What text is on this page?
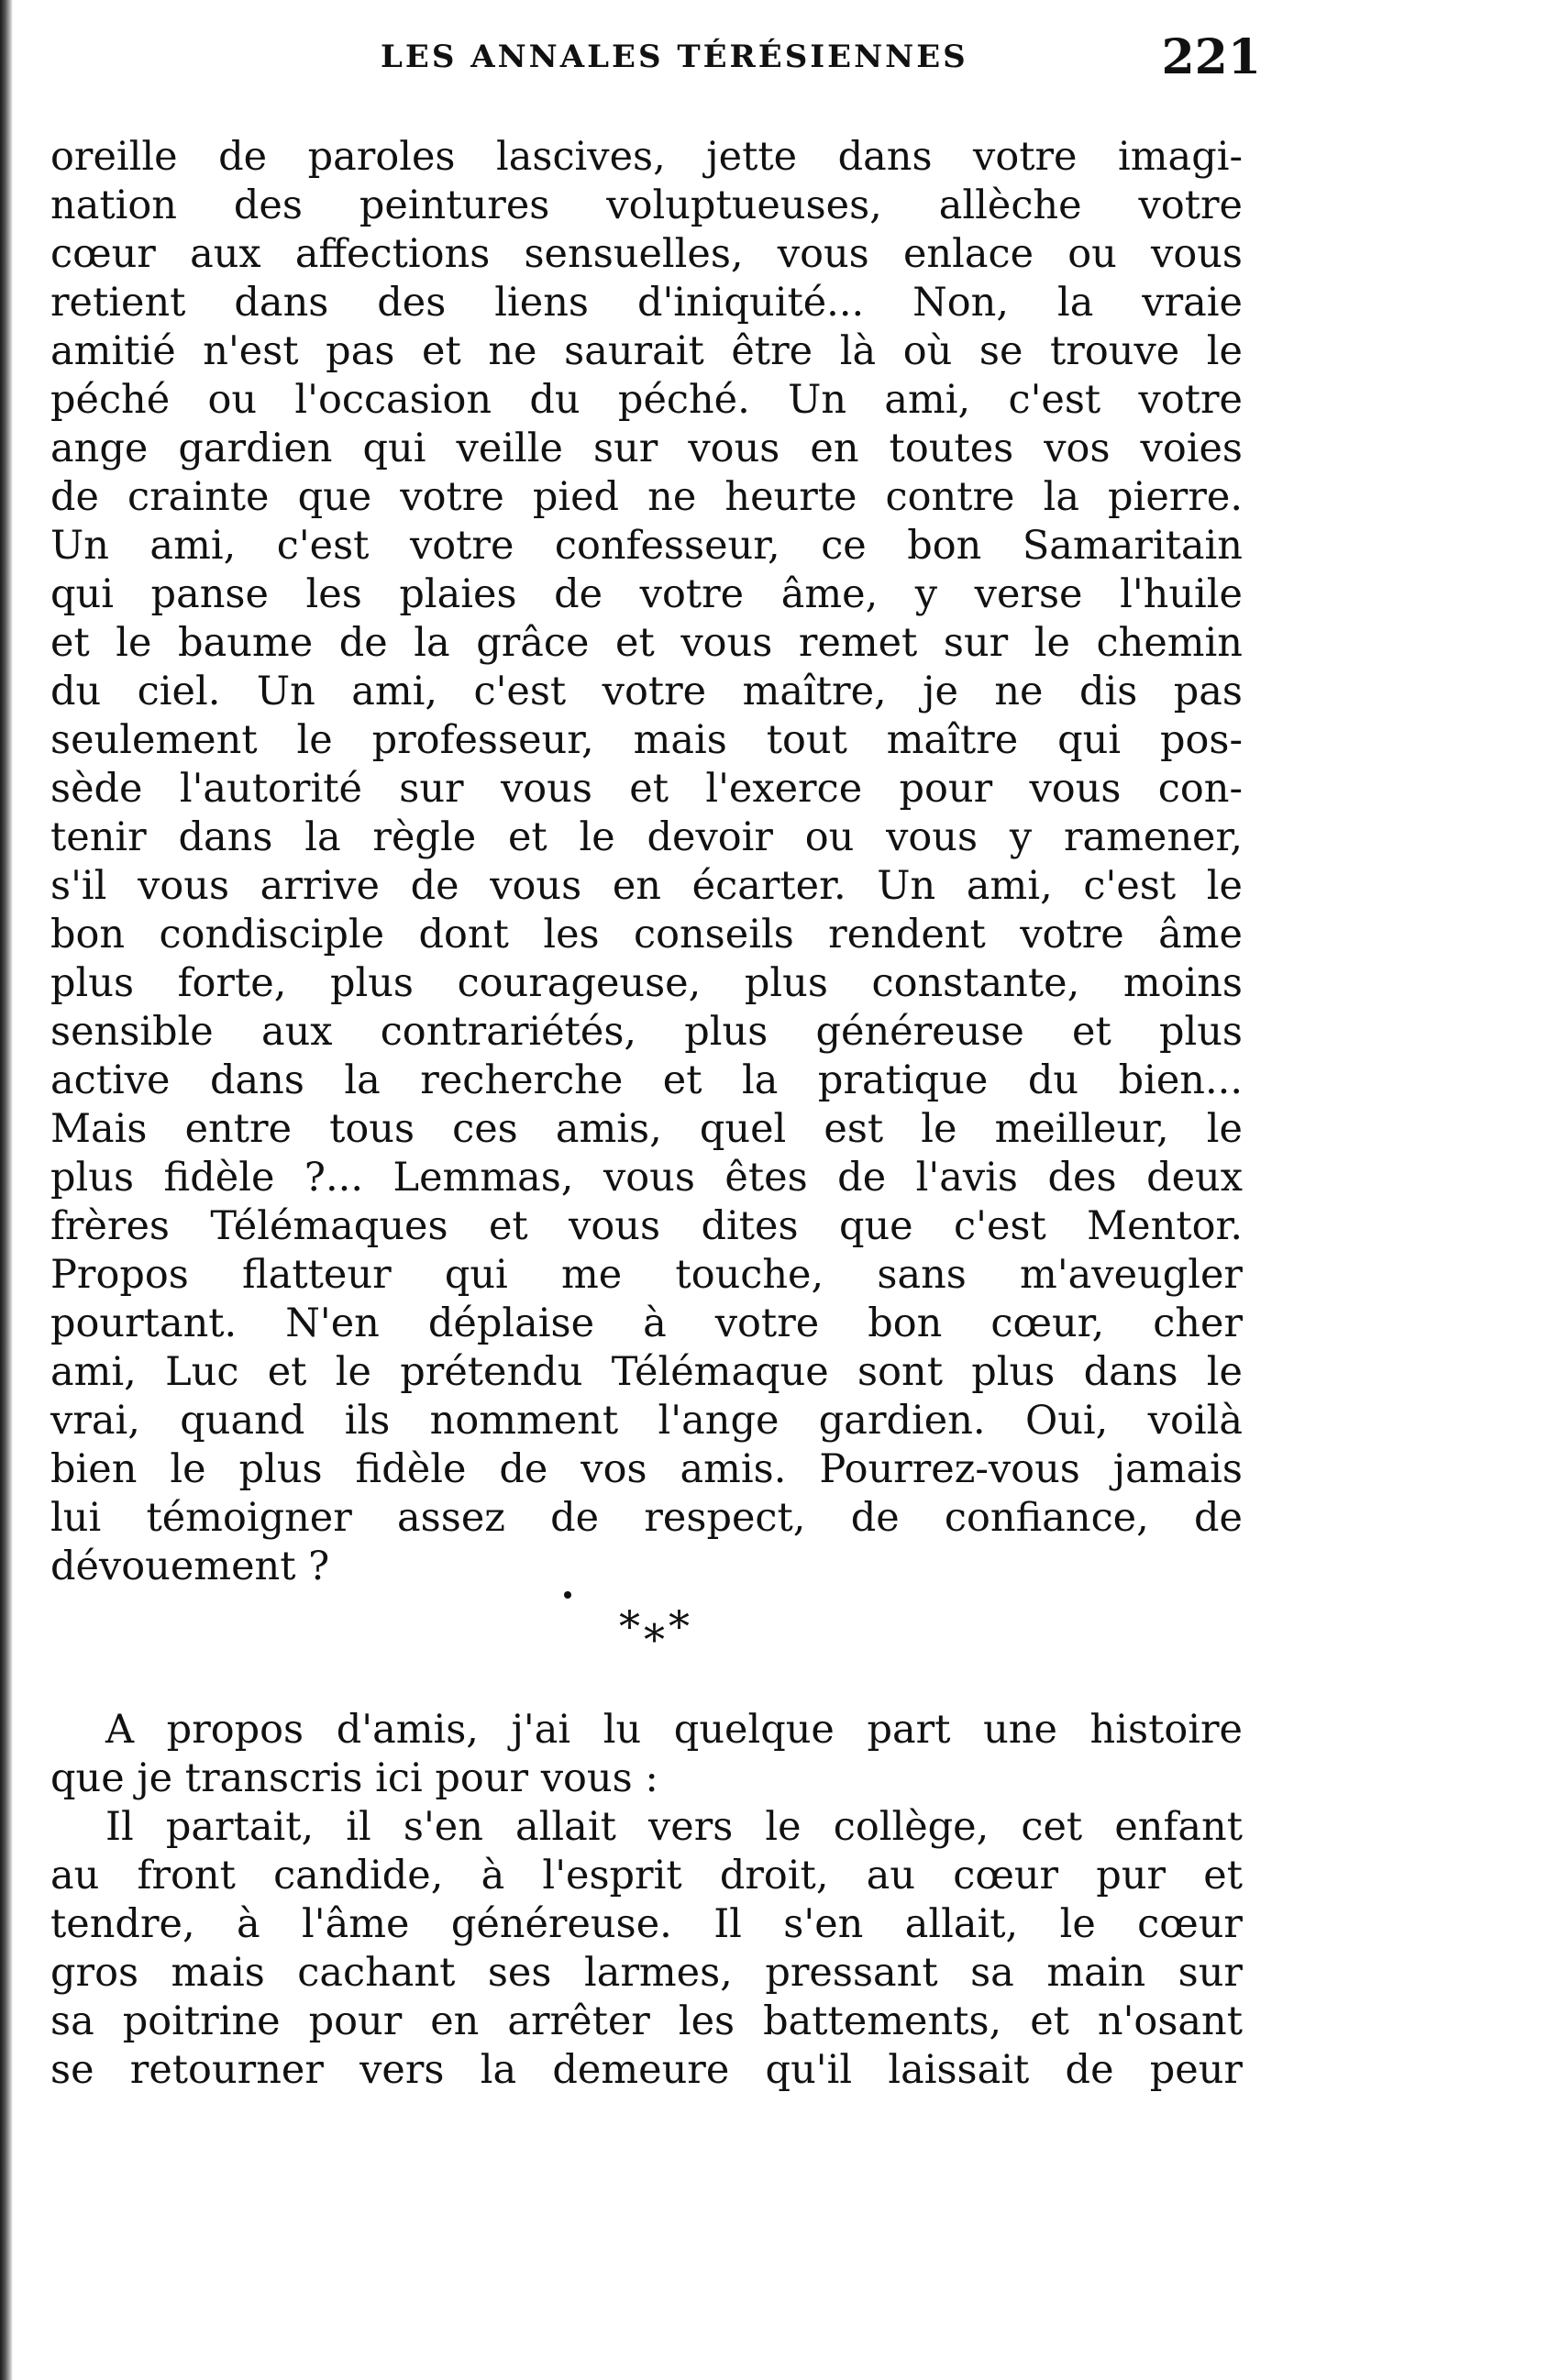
LES ANNALES TÉRÉSIENNES	221
oreille de paroles lascives, jette dans votre imagi-
nation des peintures voluptueuses, allèche votre
cœur aux affections sensuelles, vous enlace ou vous
retient dans des liens d'iniquité... Non, la vraie
amitié n'est pas et ne saurait être là où se trouve le
péché ou l'occasion du péché. Un ami, c'est votre
ange gardien qui veille sur vous en toutes vos voies
de crainte que votre pied ne heurte contre la pierre.
Un ami, c'est votre confesseur, ce bon Samaritain
qui panse les plaies de votre âme, y verse l'huile
et le baume de la grâce et vous remet sur le chemin
du ciel. Un ami, c'est votre maître, je ne dis pas
seulement le professeur, mais tout maître qui pos-
sède l'autorité sur vous et l'exerce pour vous con-
tenir dans la règle et le devoir ou vous y ramener,
s'il vous arrive de vous en écarter. Un ami, c'est le
bon condisciple dont les conseils rendent votre âme
plus forte, plus courageuse, plus constante, moins
sensible aux contrariétés, plus généreuse et plus
active dans la recherche et la pratique du bien...
Mais entre tous ces amis, quel est le meilleur, le
plus fidèle ?... Lemmas, vous êtes de l'avis des deux
frères Télémaques et vous dites que c'est Mentor.
Propos flatteur qui me touche, sans m'aveugler
pourtant. N'en déplaise à votre bon cœur, cher
ami, Luc et le prétendu Télémaque sont plus dans le
vrai, quand ils nomment l'ange gardien. Oui, voilà
bien le plus fidèle de vos amis. Pourrez-vous jamais
lui témoigner assez de respect, de confiance, de
dévouement ?
*⁎*
A propos d'amis, j'ai lu quelque part une histoire
que je transcris ici pour vous :
Il partait, il s'en allait vers le collège, cet enfant
au front candide, à l'esprit droit, au cœur pur et
tendre, à l'âme généreuse. Il s'en allait, le cœur
gros mais cachant ses larmes, pressant sa main sur
sa poitrine pour en arrêter les battements, et n'osant
se retourner vers la demeure qu'il laissait de peur
